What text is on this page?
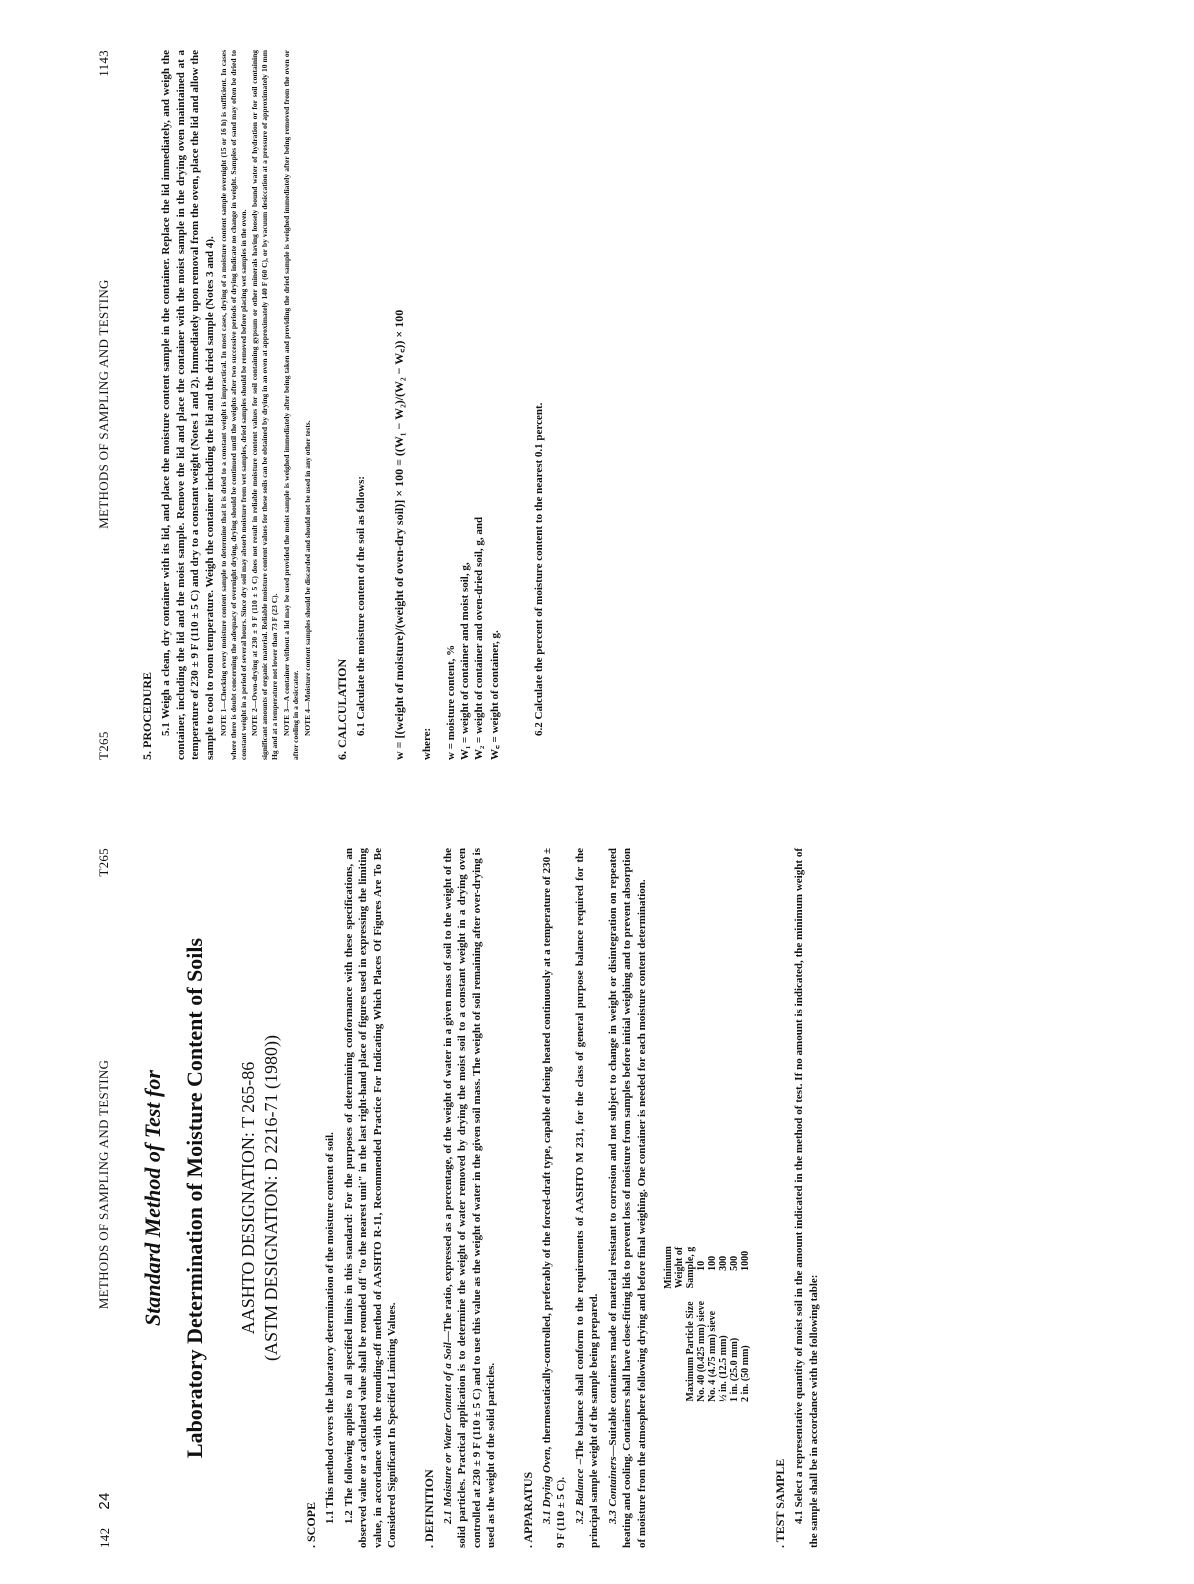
14224
METHODS OF SAMPLING AND TESTING
T265
Standard Method of Test for Laboratory Determination of Moisture Content of Soils AASHTO DESIGNATION: T 265-86 (ASTM DESIGNATION: D 2216-71 (1980))
. SCOPE

1.1 This method covers the laboratory determination of the moisture content of soil. 1.2 The following applies to all specified limits in this standard: For the purposes of determining conformance with these specifications, an observed value or a calculated value shall be rounded off "to the nearest unit" in the last right-hand place of figures used in expressing the limiting value, in accordance with the rounding-off method of AASHTO R-11, Recommended Practice For Indicating Which Places Of Figures Are To Be Considered Significant In Specified Limiting Values. . DEFINITION 2.1 Moisture or Water Content of a Soil—The ratio, expressed as a percentage, of the weight of water in a given mass of soil to the weight of the solid particles. Practical application is to determine the weight of water removed by drying the moist soil to a constant weight in a drying oven controlled at 230 ± 9 F (110 ± 5 C) and to use this value as the weight of water in the given soil mass. The weight of soil remaining after over-drying is used as the weight of the solid particles. . APPARATUS 3.1 Drying Oven, thermostatically-controlled, preferably of the forced-draft type, capable of being heated continuously at a temperature of 230 ± 9 F (110 ± 5 C). 3.2 Balance –The balance shall conform to the requirements of AASHTO M 231, for the class of general purpose balance required for the principal sample weight of the sample being prepared. 3.3 Containers—Suitable containers made of material resistant to corrosion and not subject to change in weight or disintegration on repeated heating and cooling. Containers shall have close-fitting lids to prevent loss of moisture from samples before initial weighing and to prevent absorption of moisture from the atmosphere following drying and before final weighing. One container is needed for each moisture content determination.	Maximum Particle Size	Minimum Weight of Sample, g

No. 40 (0.425 mm) sieve	10
No. 4 (4.75 mm) sieve	100
½ in. (12.5 mm)	300
1 in. (25.0 mm)	500
2 in. (50 mm)	1000
. TEST SAMPLE 4.1 Select a representative quantity of moist soil in the amount indicated in the method of test. If no amount is indicated, the minimum weight of the sample shall be in accordance with the following table:

T265
METHODS OF SAMPLING AND TESTING
1143
5. PROCEDURE 5.1 Weigh a clean, dry container with its lid, and place the moisture content sample in the container. Replace the lid immediately, and weigh the container, including the lid and the moist sample. Remove the lid and place the container with the moist sample in the drying oven maintained at a temperature of 230 ± 9 F (110 ± 5 C) and dry to a constant weight (Notes 1 and 2). Immediately upon removal from the oven, place the lid and allow the sample to cool to room temperature. Weigh the container including the lid and the dried sample (Notes 3 and 4). NOTE 1—Checking every moisture content sample to determine that it is dried to a constant weight is impractical. In most cases, drying of a moisture content sample overnight (15 or 16 h) is sufficient. In cases where there is doubt concerning the adequacy of overnight drying, drying should be continued until the weights after two successive periods of drying indicate no change in weight. Samples of sand may often be dried to constant weight in a period of several hours. Since dry soil may absorb moisture from wet samples, dried samples should be removed before placing wet samples in the oven. NOTE 2—Oven-drying at 230 ± 9 F (110 ± 5 C) does not result in reliable moisture content values for soil containing gypsum or other minerals having loosely bound water of hydration or for soil containing significant amounts of organic material. Reliable moisture content values for these soils can be obtained by drying in an oven at approximately 140 F (60 C), or by vacuum desiccation at a pressure of approximately 10 mm Hg and at a temperature not lower than 73 F (23 C). NOTE 3—A container without a lid may be used provided the moist sample is weighed immediately after being taken and providing the dried sample is weighed immediately after being removed from the oven or after cooling in a desiccator. NOTE 4—Moisture content samples should be discarded and should not be used in any other tests. 6. CALCULATION 6.1 Calculate the moisture content of the soil as follows: w = [(weight of moisture)/(weight of oven-dry soil)] × 100 = ((W₁ − W₂)/(W₂ − W꜀)) × 100 where: w = moisture content, % W₁ = weight of container and moist soil, g, W₂ = weight of container and oven-dried soil, g, and W꜀ = weight of container, g.	6.2 Calculate the percent of moisture content to the nearest 0.1 percent.
